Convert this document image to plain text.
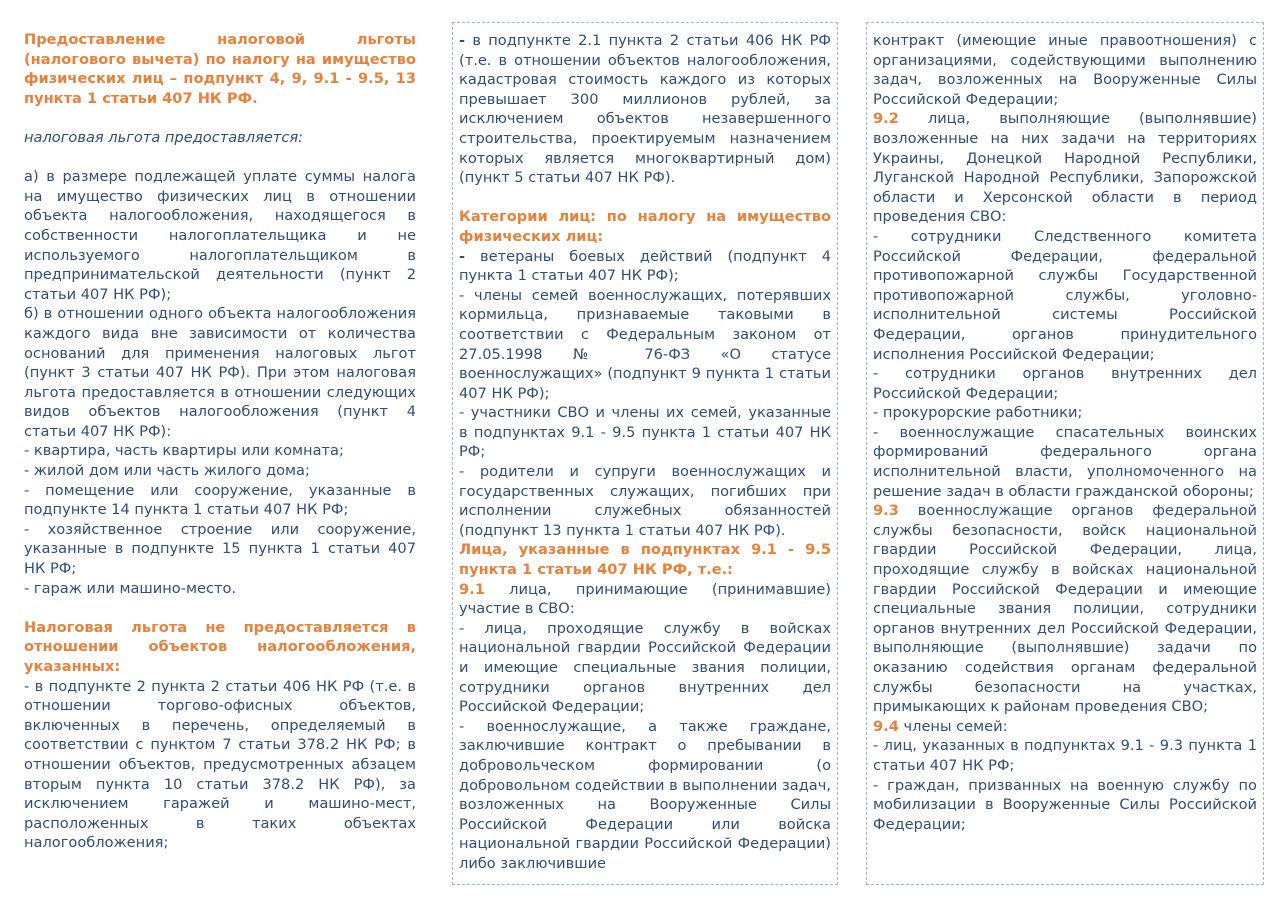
Предоставление налоговой льготы (налогового вычета) по налогу на имущество физических лиц – подпункт 4, 9, 9.1 - 9.5, 13 пункта 1 статьи 407 НК РФ.

налоговая льгота предоставляется:

а) в размере подлежащей уплате суммы налога на имущество физических лиц в отношении объекта налогообложения, находящегося в собственности налогоплательщика и не используемого налогоплательщиком в предпринимательской деятельности (пункт 2 статьи 407 НК РФ);

б) в отношении одного объекта налогообложения каждого вида вне зависимости от количества оснований для применения налоговых льгот (пункт 3 статьи 407 НК РФ). При этом налоговая льгота предоставляется в отношении следующих видов объектов налогообложения (пункт 4 статьи 407 НК РФ):

- квартира, часть квартиры или комната;

- жилой дом или часть жилого дома;

- помещение или сооружение, указанные в подпункте 14 пункта 1 статьи 407 НК РФ;

- хозяйственное строение или сооружение, указанные в подпункте 15 пункта 1 статьи 407 НК РФ;

- гараж или машино-место.

Налоговая льгота не предоставляется в отношении объектов налогообложения, указанных:

- в подпункте 2 пункта 2 статьи 406 НК РФ (т.е. в отношении торгово-офисных объектов, включенных в перечень, определяемый в соответствии с пунктом 7 статьи 378.2 НК РФ; в отношении объектов, предусмотренных абзацем вторым пункта 10 статьи 378.2 НК РФ), за исключением гаражей и машино-мест, расположенных в таких объектах налогообложения;

- в подпункте 2.1 пункта 2 статьи 406 НК РФ (т.е. в отношении объектов налогообложения, кадастровая стоимость каждого из которых превышает 300 миллионов рублей, за исключением объектов незавершенного строительства, проектируемым назначением которых является многоквартирный дом) (пункт 5 статьи 407 НК РФ).

Категории лиц: по налогу на имущество физических лиц:

- ветераны боевых действий (подпункт 4 пункта 1 статьи 407 НК РФ);

- члены семей военнослужащих, потерявших кормильца, признаваемые таковыми в соответствии с Федеральным законом от 27.05.1998 № 76-ФЗ «О статусе военнослужащих» (подпункт 9 пункта 1 статьи 407 НК РФ);

- участники СВО и члены их семей, указанные в подпунктах 9.1 - 9.5 пункта 1 статьи 407 НК РФ;

- родители и супруги военнослужащих и государственных служащих, погибших при исполнении служебных обязанностей (подпункт 13 пункта 1 статьи 407 НК РФ).

Лица, указанные в подпунктах 9.1 - 9.5 пункта 1 статьи 407 НК РФ, т.е.:

9.1 лица, принимающие (принимавшие) участие в СВО:

- лица, проходящие службу в войсках национальной гвардии Российской Федерации и имеющие специальные звания полиции, сотрудники органов внутренних дел Российской Федерации;

- военнослужащие, а также граждане, заключившие контракт о пребывании в добровольческом формировании (о добровольном содействии в выполнении задач, возложенных на Вооруженные Силы Российской Федерации или войска национальной гвардии Российской Федерации) либо заключившие

контракт (имеющие иные правоотношения) с организациями, содействующими выполнению задач, возложенных на Вооруженные Силы Российской Федерации;

9.2 лица, выполняющие (выполнявшие) возложенные на них задачи на территориях Украины, Донецкой Народной Республики, Луганской Народной Республики, Запорожской области и Херсонской области в период проведения СВО:

- сотрудники Следственного комитета Российской Федерации, федеральной противопожарной службы Государственной противопожарной службы, уголовно-исполнительной системы Российской Федерации, органов принудительного исполнения Российской Федерации;

- сотрудники органов внутренних дел Российской Федерации;

- прокурорские работники;

- военнослужащие спасательных воинских формирований федерального органа исполнительной власти, уполномоченного на решение задач в области гражданской обороны;

9.3 военнослужащие органов федеральной службы безопасности, войск национальной гвардии Российской Федерации, лица, проходящие службу в войсках национальной гвардии Российской Федерации и имеющие специальные звания полиции, сотрудники органов внутренних дел Российской Федерации, выполняющие (выполнявшие) задачи по оказанию содействия органам федеральной службы безопасности на участках, примыкающих к районам проведения СВО;

9.4 члены семей:

- лиц, указанных в подпунктах 9.1 - 9.3 пункта 1 статьи 407 НК РФ;

- граждан, призванных на военную службу по мобилизации в Вооруженные Силы Российской Федерации;
